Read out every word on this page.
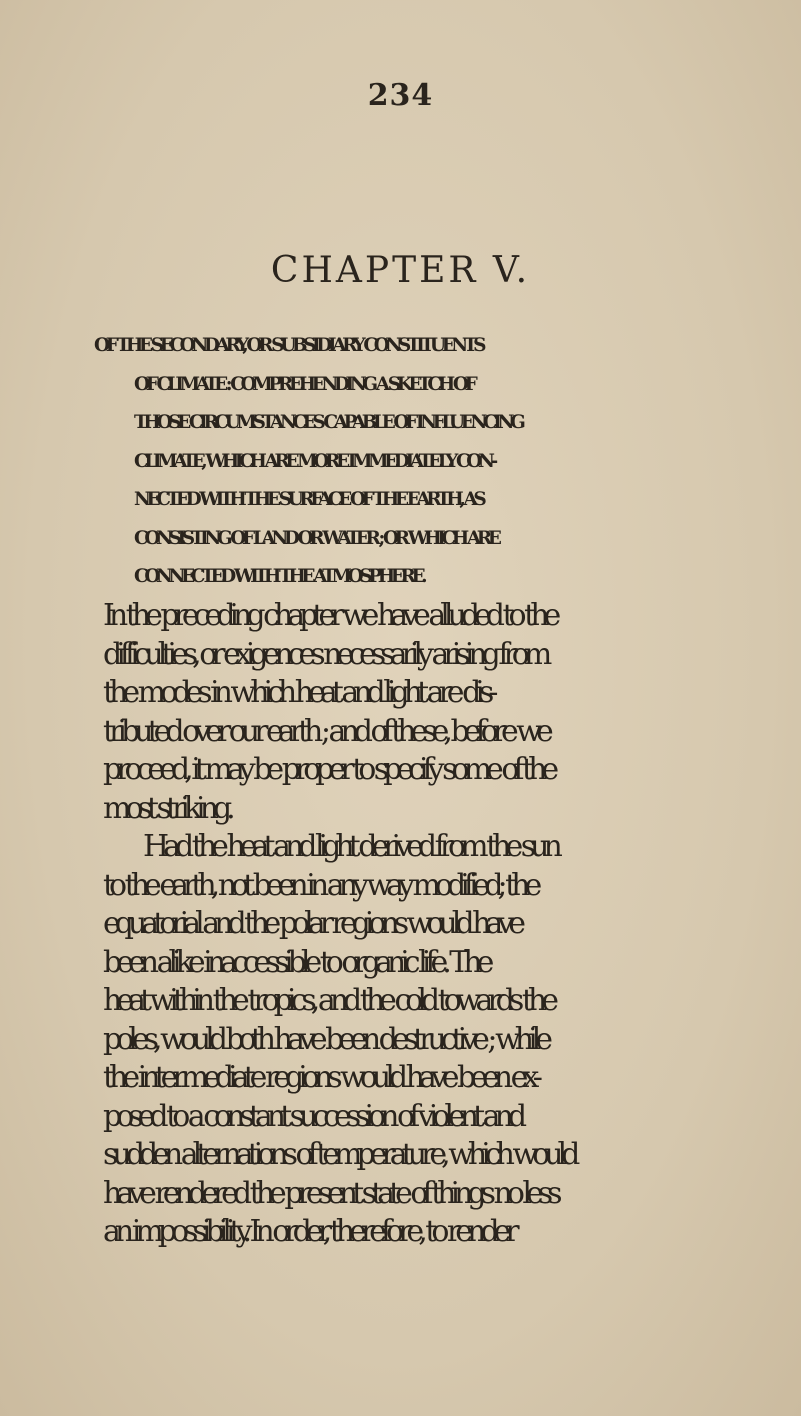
234
CHAPTER V.
OF THE SECONDARY, OR SUBSIDIARY CONSTITUENTS
OF CLIMATE : COMPREHENDING A SKETCH OF
THOSE CIRCUMSTANCES CAPABLE OF INFLUENCING
CLIMATE, WHICH ARE MORE IMMEDIATELY CON-
NECTED WITH THE SURFACE OF THE EARTH, AS
CONSISTING OF LAND OR WATER ; OR WHICH ARE
CONNECTED WITH THE ATMOSPHERE.
In the preceding chapter we have alluded to the
difficulties, or exigences necessarily arising from
the modes in which heat and light are dis-
tributed over our earth ; and of these, before we
proceed, it may be proper to specify some of the
most striking.
Had the heat and light derived from the sun
to the earth, not been in any way modified; the
equatorial and the polar regions would have
been alike inaccessible to organic life. The
heat within the tropics, and the cold towards the
poles, would both have been destructive ; while
the intermediate regions would have been ex-
posed to a constant succession of violent and
sudden alternations of temperature, which would
have rendered the present state of things no less
an impossibility. In order, therefore, to render
